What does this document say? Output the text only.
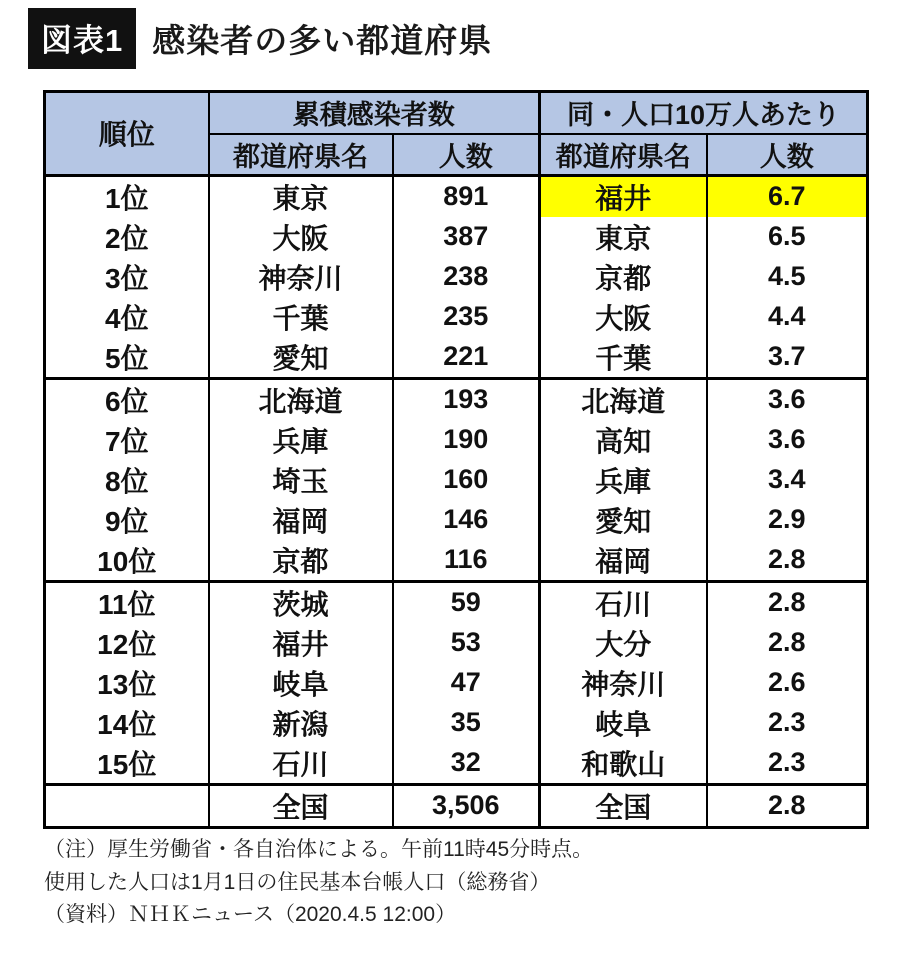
図表1 感染者の多い都道府県
順位	累積感染者数		同・人口10万人あたり	
	都道府県名	人数	都道府県名	人数
1位	東京	891	福井	6.7
2位	大阪	387	東京	6.5
3位	神奈川	238	京都	4.5
4位	千葉	235	大阪	4.4
5位	愛知	221	千葉	3.7
6位	北海道	193	北海道	3.6
7位	兵庫	190	高知	3.6
8位	埼玉	160	兵庫	3.4
9位	福岡	146	愛知	2.9
10位	京都	116	福岡	2.8
11位	茨城	59	石川	2.8
12位	福井	53	大分	2.8
13位	岐阜	47	神奈川	2.6
14位	新潟	35	岐阜	2.3
15位	石川	32	和歌山	2.3
	全国	3,506	全国	2.8
（注）厚生労働省・各自治体による。午前11時45分時点。
使用した人口は1月1日の住民基本台帳人口（総務省）
（資料）ＮＨＫニュース（2020.4.5 12:00）
